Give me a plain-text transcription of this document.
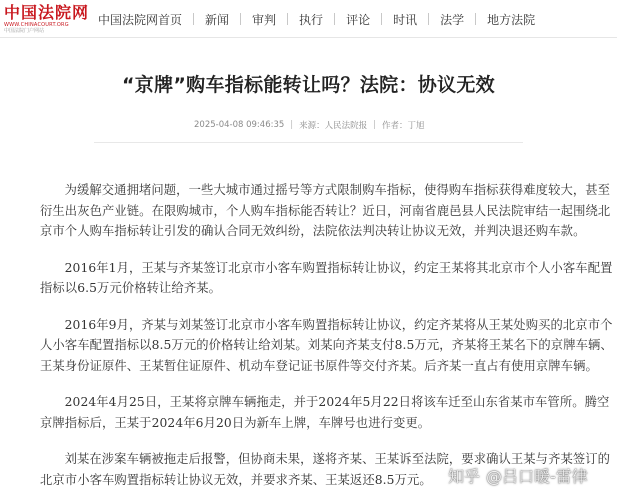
中国法院网
WWW.CHINACOURT.ORG
中国法院门户网站
中国法院网首页	新闻	审判	执行	评论	时讯	法学	地方法院
“京牌”购车指标能转让吗？法院：协议无效
2025-04-08 09:46:35 | 来源：人民法院报 | 作者：丁旭

为缓解交通拥堵问题，一些大城市通过摇号等方式限制购车指标，使得购车指标获得难度较大，甚至衍生出灰色产业链。在限购城市，个人购车指标能否转让？近日，河南省鹿邑县人民法院审结一起围绕北京市个人购车指标转让引发的确认合同无效纠纷，法院依法判决转让协议无效，并判决退还购车款。

2016年1月，王某与齐某签订北京市小客车购置指标转让协议，约定王某将其北京市个人小客车配置指标以6.5万元价格转让给齐某。

2016年9月，齐某与刘某签订北京市小客车购置指标转让协议，约定齐某将从王某处购买的北京市个人小客车配置指标以8.5万元的价格转让给刘某。刘某向齐某支付8.5万元，齐某将王某名下的京牌车辆、王某身份证原件、王某暂住证原件、机动车登记证书原件等交付齐某。后齐某一直占有使用京牌车辆。

2024年4月25日，王某将京牌车辆拖走，并于2024年5月22日将该车迁至山东省某市车管所。腾空京牌指标后，王某于2024年6月20日为新车上牌，车牌号也进行变更。

刘某在涉案车辆被拖走后报警，但协商未果，遂将齐某、王某诉至法院，要求确认王某与齐某签订的北京市小客车购置指标转让协议无效，并要求齐某、王某返还8.5万元。	知乎 @吕口暖-雷律
